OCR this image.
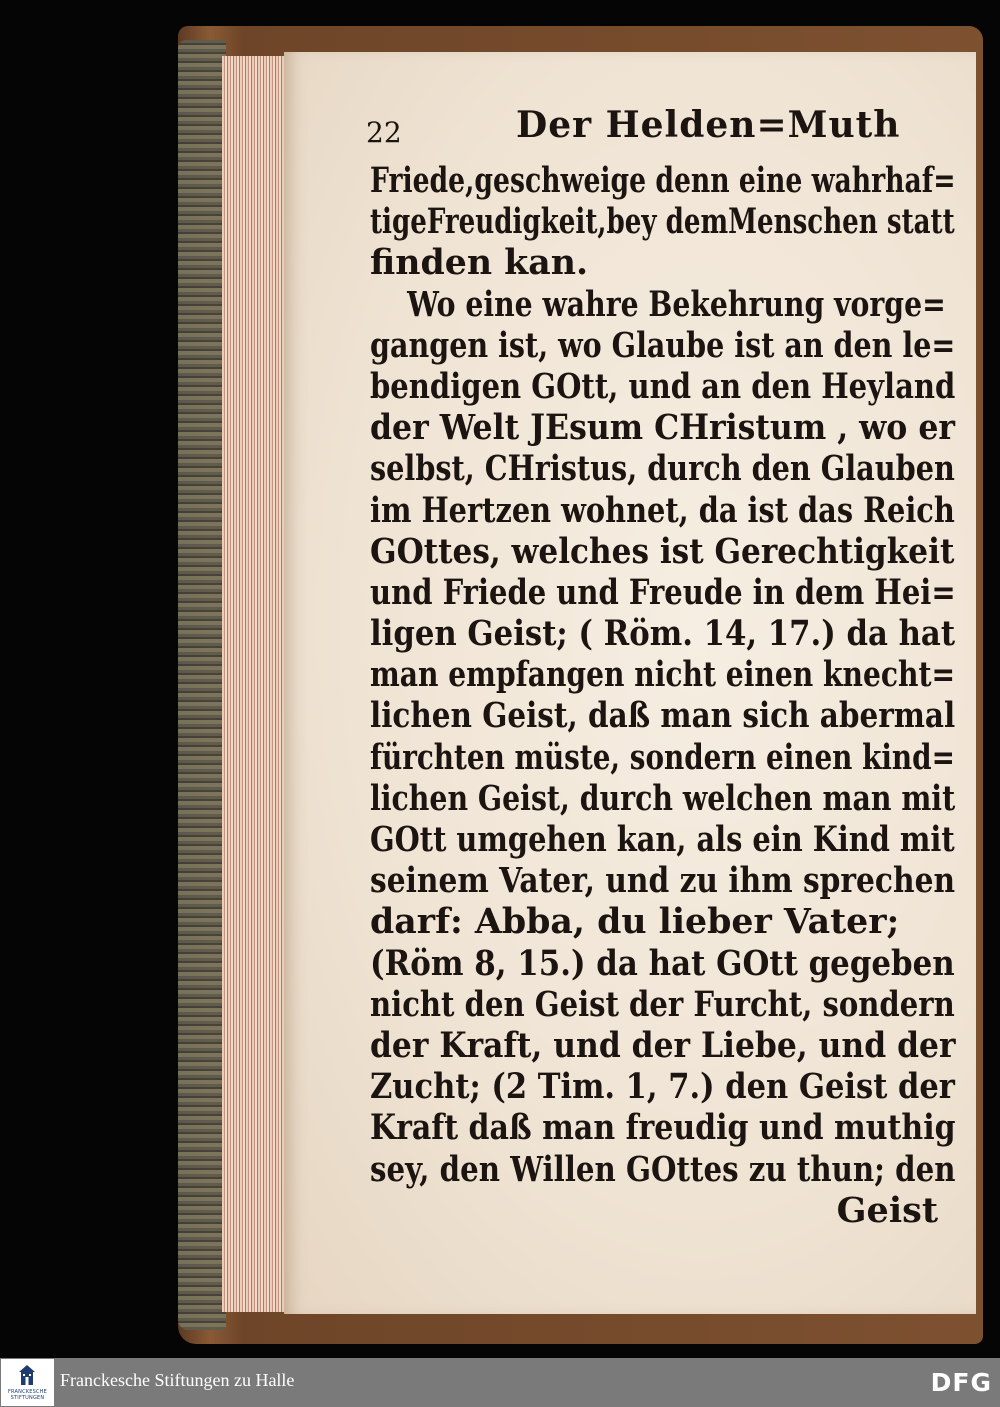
22	Der Helden=Muth
Friede,geschweige denn eine wahrhaf=
tigeFreudigkeit,bey demMenschen statt
finden kan.
Wo eine wahre Bekehrung vorge=
gangen ist, wo Glaube ist an den le=
bendigen GOtt, und an den Heyland
der Welt JEsum CHristum , wo er
selbst, CHristus, durch den Glauben
im Hertzen wohnet, da ist das Reich
GOttes, welches ist Gerechtigkeit
und Friede und Freude in dem Hei=
ligen Geist; ( Röm. 14, 17.) da hat
man empfangen nicht einen knecht=
lichen Geist, daß man sich abermal
fürchten müste, sondern einen kind=
lichen Geist, durch welchen man mit
GOtt umgehen kan, als ein Kind mit
seinem Vater, und zu ihm sprechen
darf: Abba, du lieber Vater;
(Röm 8, 15.) da hat GOtt gegeben
nicht den Geist der Furcht, sondern
der Kraft, und der Liebe, und der
Zucht; (2 Tim. 1, 7.) den Geist der
Kraft daß man freudig und muthig
sey, den Willen GOttes zu thun; den
Geist
FRANCKESCHE STIFTUNGEN
Franckesche Stiftungen zu Halle	DFG
